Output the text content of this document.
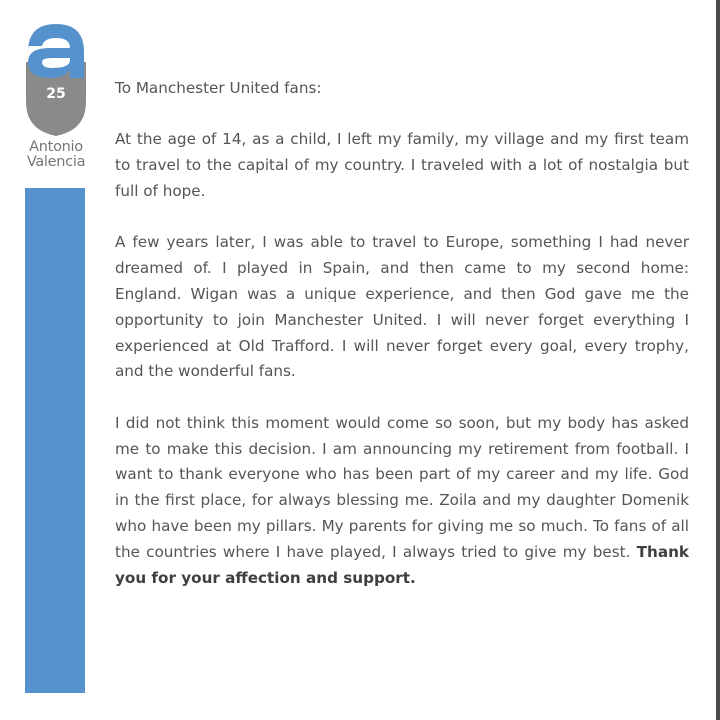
25
Antonio
Valencia

To Manchester United fans:

At the age of 14, as a child, I left my family, my village and my first team to travel to the capital of my country. I traveled with a lot of nostalgia but full of hope.

A few years later, I was able to travel to Europe, something I had never dreamed of. I played in Spain, and then came to my second home: England. Wigan was a unique experience, and then God gave me the opportunity to join Manchester United. I will never forget everything I experienced at Old Trafford. I will never forget every goal, every trophy, and the wonderful fans.

I did not think this moment would come so soon, but my body has asked me to make this decision. I am announcing my retirement from football. I want to thank everyone who has been part of my career and my life. God in the first place, for always blessing me. Zoila and my daughter Domenik who have been my pillars. My parents for giving me so much. To fans of all the countries where I have played, I always tried to give my best. Thank you for your affection and support.
